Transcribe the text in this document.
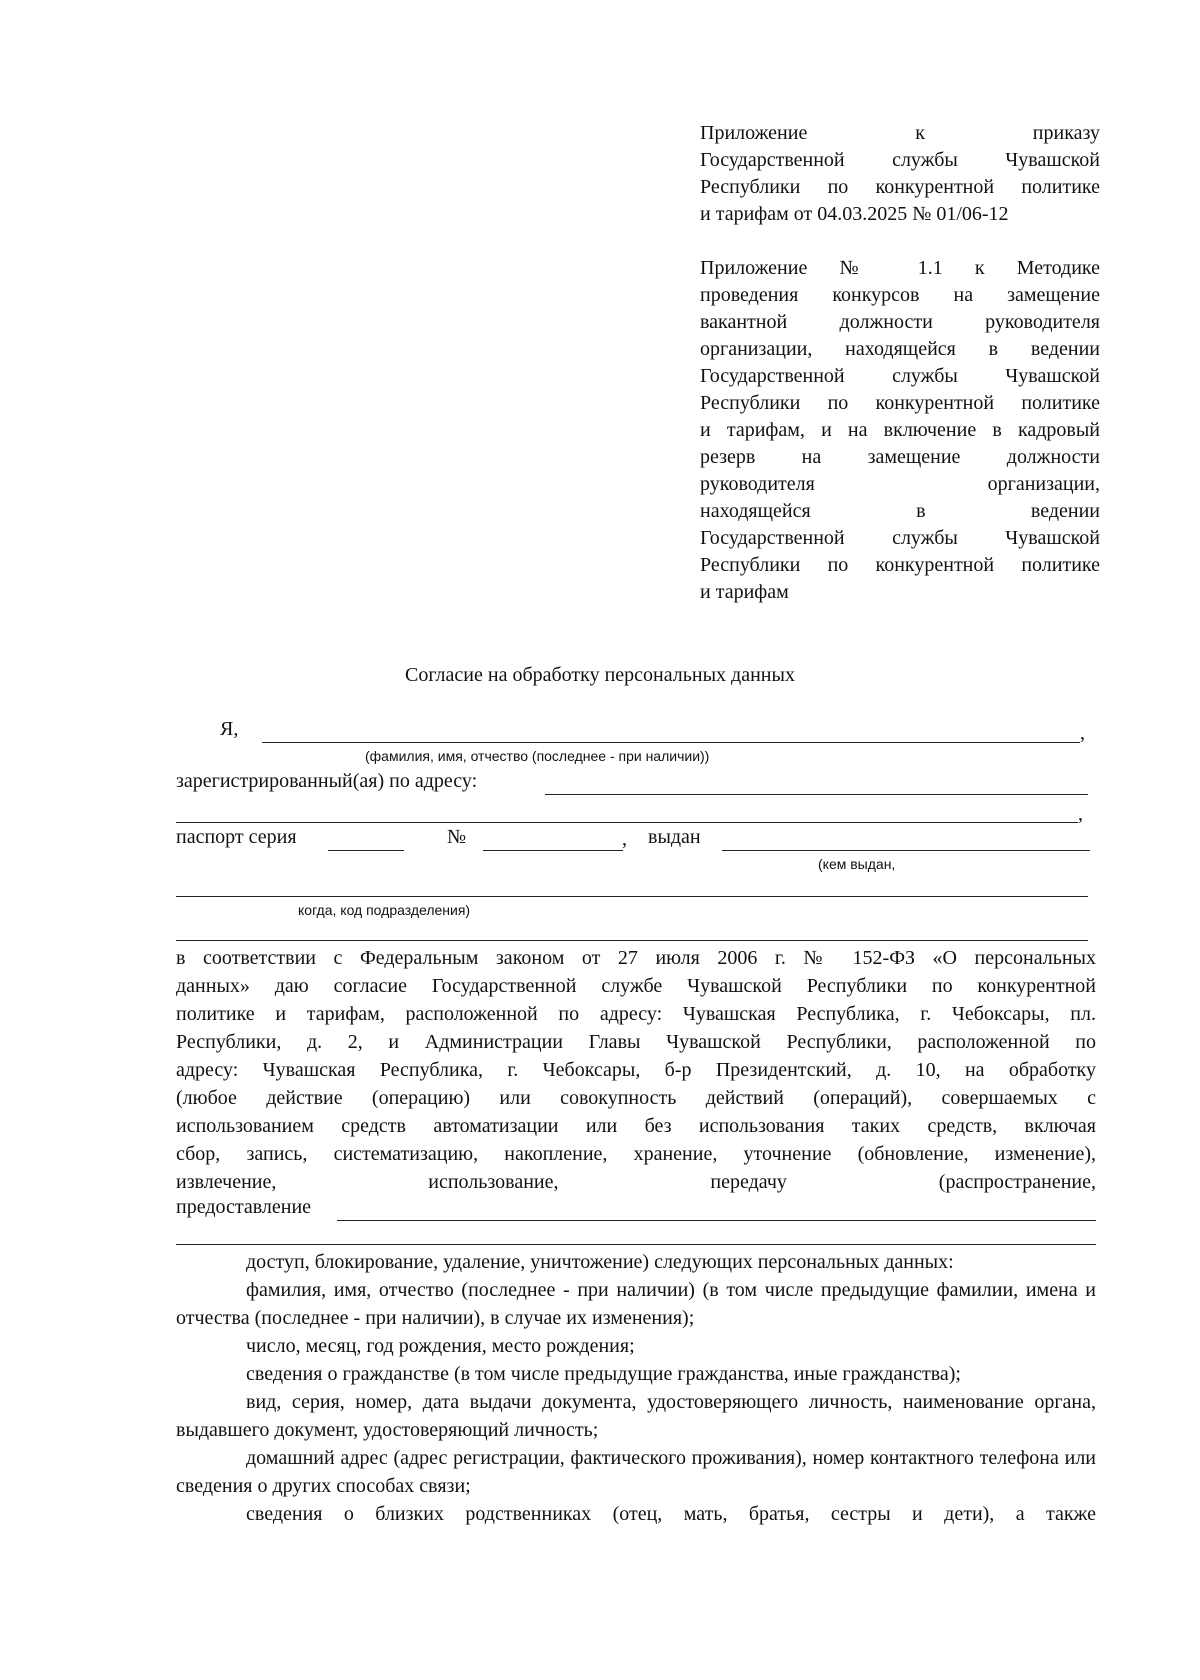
Приложение к приказу
Государственной службы Чувашской
Республики по конкурентной политике
и тарифам от 04.03.2025 № 01/06-12
Приложение № 1.1 к Методике
проведения конкурсов на замещение
вакантной должности руководителя
организации, находящейся в ведении
Государственной службы Чувашской
Республики по конкурентной политике
и тарифам, и на включение в кадровый
резерв на замещение должности
руководителя организации,
находящейся в ведении
Государственной службы Чувашской
Республики по конкурентной политике
и тарифам
Согласие на обработку персональных данных
Я,	,
(фамилия, имя, отчество (последнее - при наличии))
зарегистрированный(ая) по адресу:
,
паспорт серия	№	, выдан
(кем выдан,
когда, код подразделения)
в соответствии с Федеральным законом от 27 июля 2006 г. № 152-ФЗ «О персональных
данных» даю согласие Государственной службе Чувашской Республики по конкурентной
политике и тарифам, расположенной по адресу: Чувашская Республика, г. Чебоксары, пл.
Республики, д. 2, и Администрации Главы Чувашской Республики, расположенной по
адресу: Чувашская Республика, г. Чебоксары, б-р Президентский, д. 10, на обработку
(любое действие (операцию) или совокупность действий (операций), совершаемых с
использованием средств автоматизации или без использования таких средств, включая
сбор, запись, систематизацию, накопление, хранение, уточнение (обновление, изменение),
извлечение, использование, передачу (распространение,
предоставление
доступ, блокирование, удаление, уничтожение) следующих персональных данных:
фамилия, имя, отчество (последнее - при наличии) (в том числе предыдущие фамилии, имена и отчества (последнее - при наличии), в случае их изменения);
число, месяц, год рождения, место рождения;
сведения о гражданстве (в том числе предыдущие гражданства, иные гражданства);
вид, серия, номер, дата выдачи документа, удостоверяющего личность, наименование органа, выдавшего документ, удостоверяющий личность;
домашний адрес (адрес регистрации, фактического проживания), номер контактного телефона или сведения о других способах связи;
сведения о близких родственниках (отец, мать, братья, сестры и дети), а также
